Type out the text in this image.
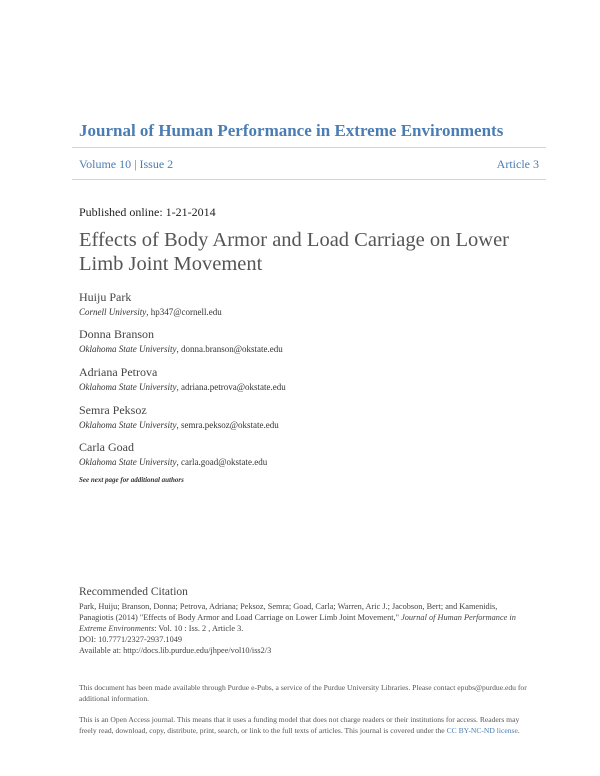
Journal of Human Performance in Extreme Environments
Volume 10 | Issue 2	Article 3
Published online: 1-21-2014
Effects of Body Armor and Load Carriage on Lower Limb Joint Movement
Huiju Park
Cornell University, hp347@cornell.edu
Donna Branson
Oklahoma State University, donna.branson@okstate.edu
Adriana Petrova
Oklahoma State University, adriana.petrova@okstate.edu
Semra Peksoz
Oklahoma State University, semra.peksoz@okstate.edu
Carla Goad
Oklahoma State University, carla.goad@okstate.edu
See next page for additional authors
Recommended Citation

Park, Huiju; Branson, Donna; Petrova, Adriana; Peksoz, Semra; Goad, Carla; Warren, Aric J.; Jacobson, Bert; and Kamenidis, Panagiotis (2014) "Effects of Body Armor and Load Carriage on Lower Limb Joint Movement," Journal of Human Performance in Extreme Environments: Vol. 10 : Iss. 2 , Article 3.

DOI: 10.7771/2327-2937.1049

Available at: http://docs.lib.purdue.edu/jhpee/vol10/iss2/3

This document has been made available through Purdue e-Pubs, a service of the Purdue University Libraries. Please contact epubs@purdue.edu for additional information.
This is an Open Access journal. This means that it uses a funding model that does not charge readers or their institutions for access. Readers may freely read, download, copy, distribute, print, search, or link to the full texts of articles. This journal is covered under the CC BY-NC-ND license.
